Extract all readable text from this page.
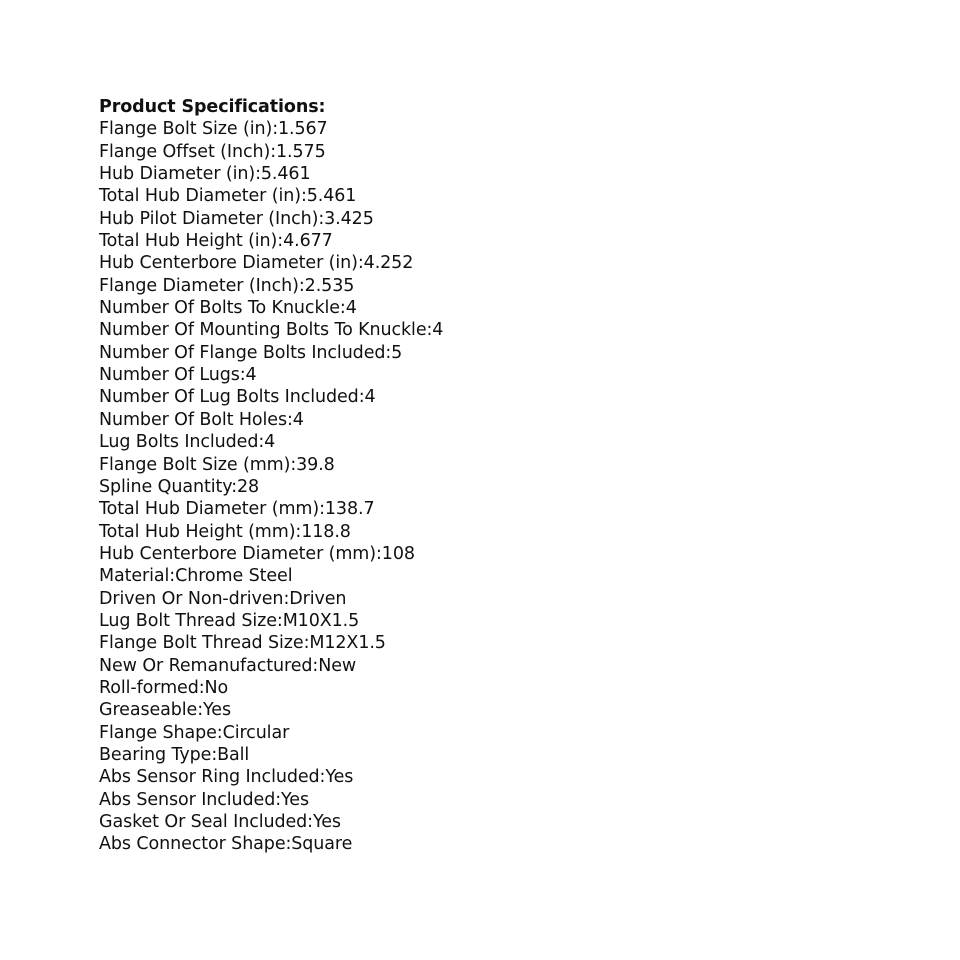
Product Specifications:
Flange Bolt Size (in):1.567
Flange Offset (Inch):1.575
Hub Diameter (in):5.461
Total Hub Diameter (in):5.461
Hub Pilot Diameter (Inch):3.425
Total Hub Height (in):4.677
Hub Centerbore Diameter (in):4.252
Flange Diameter (Inch):2.535
Number Of Bolts To Knuckle:4
Number Of Mounting Bolts To Knuckle:4
Number Of Flange Bolts Included:5
Number Of Lugs:4
Number Of Lug Bolts Included:4
Number Of Bolt Holes:4
Lug Bolts Included:4
Flange Bolt Size (mm):39.8
Spline Quantity:28
Total Hub Diameter (mm):138.7
Total Hub Height (mm):118.8
Hub Centerbore Diameter (mm):108
Material:Chrome Steel
Driven Or Non-driven:Driven
Lug Bolt Thread Size:M10X1.5
Flange Bolt Thread Size:M12X1.5
New Or Remanufactured:New
Roll-formed:No
Greaseable:Yes
Flange Shape:Circular
Bearing Type:Ball
Abs Sensor Ring Included:Yes
Abs Sensor Included:Yes
Gasket Or Seal Included:Yes
Abs Connector Shape:Square
